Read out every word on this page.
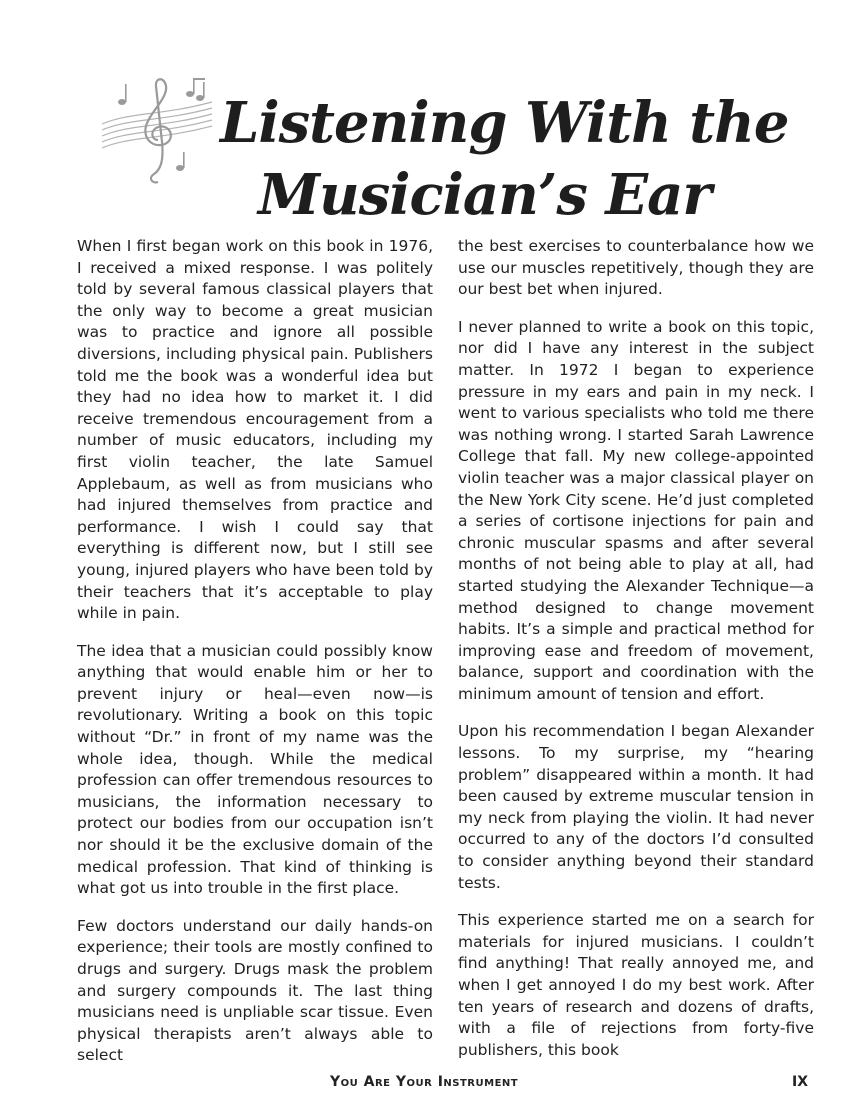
Listening With the
Musician’s Ear

When I first began work on this book in 1976, I received a mixed response. I was politely told by several famous classical players that the only way to become a great musician was to practice and ignore all possible diversions, including physical pain. Publishers told me the book was a wonderful idea but they had no idea how to market it. I did receive tremendous encouragement from a number of music educators, including my first violin teacher, the late Samuel Applebaum, as well as from musicians who had injured themselves from practice and performance. I wish I could say that everything is different now, but I still see young, injured players who have been told by their teachers that it’s acceptable to play while in pain.

The idea that a musician could possibly know anything that would enable him or her to prevent injury or heal—even now—is revolutionary. Writing a book on this topic without “Dr.” in front of my name was the whole idea, though. While the medical profession can offer tremendous resources to musicians, the information necessary to protect our bodies from our occupation isn’t nor should it be the exclusive domain of the medical profession. That kind of thinking is what got us into trouble in the first place.

Few doctors understand our daily hands-on experience; their tools are mostly confined to drugs and surgery. Drugs mask the problem and surgery compounds it. The last thing musicians need is unpliable scar tissue. Even physical therapists aren’t always able to select

the best exercises to counterbalance how we use our muscles repetitively, though they are our best bet when injured.

I never planned to write a book on this topic, nor did I have any interest in the subject matter. In 1972 I began to experience pressure in my ears and pain in my neck. I went to various specialists who told me there was nothing wrong. I started Sarah Lawrence College that fall. My new college-appointed violin teacher was a major classical player on the New York City scene. He’d just completed a series of cortisone injections for pain and chronic muscular spasms and after several months of not being able to play at all, had started studying the Alexander Technique—a method designed to change movement habits. It’s a simple and practical method for improving ease and freedom of movement, balance, support and coordination with the minimum amount of tension and effort.

Upon his recommendation I began Alexander lessons. To my surprise, my “hearing problem” disappeared within a month. It had been caused by extreme muscular tension in my neck from playing the violin. It had never occurred to any of the doctors I’d consulted to consider anything beyond their standard tests.

This experience started me on a search for materials for injured musicians. I couldn’t find anything! That really annoyed me, and when I get annoyed I do my best work. After ten years of research and dozens of drafts, with a file of rejections from forty-five publishers, this book

You Are Your Instrument	IX
